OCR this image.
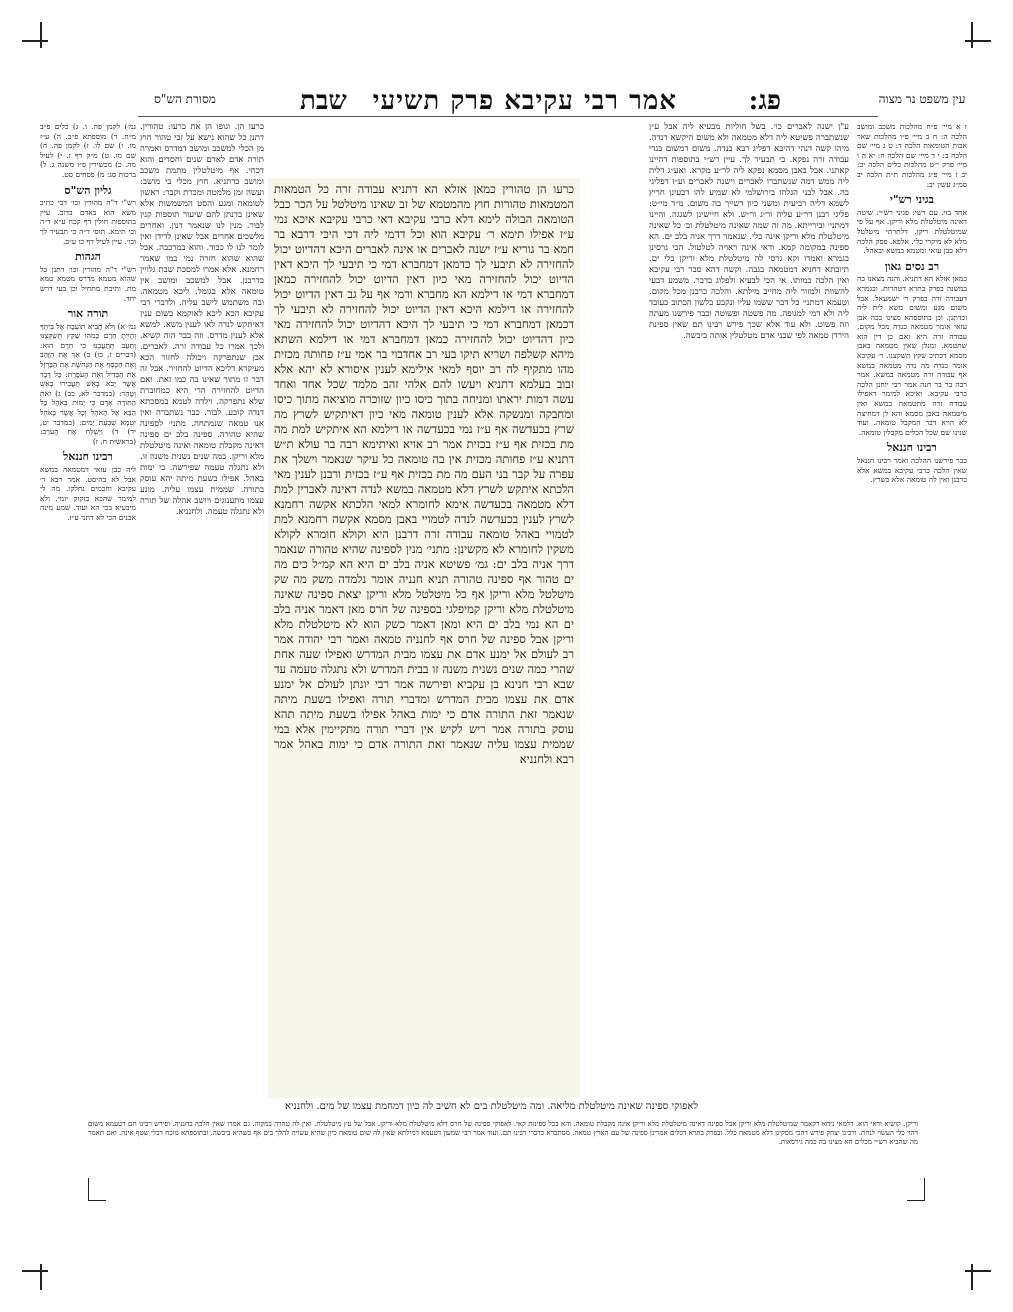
עין משפט נר מצוה
פג:
אמר רבי עקיבא פרק תשיעי
שבת
מסורת הש"ס
ז א מיי׳ פ״ח מהלכות משכב ומושב הלכה ה: ח ב מיי׳ פ״ו מהלכות שאר אבות הטומאות הלכה ד: ט ג מיי׳ שם הלכה ב: י ד מיי׳ שם הלכה ה: יא ה ו מיי׳ פרק י״ט מהלכות כלים הלכה יב: יב ז מיי׳ פ״ג מהלכות ת״ת הלכה יב סמ״ג עשין יב:
בגיני רש"י
אחד בוי. עם רשי: פגיני רש״י: שיטה דאינה מיטלטלת מלא וריקן. אף על פי שמיטלטלת ריקן, דלתרתי מיטלטל מלא לא מיקרי כלי. אלפא. פסק הלכה דלא כבן עזאי ומטמא במשא ובאהל.
רב נסים גאון
כמאן אזלא הא דתניא. והנה מצאנו בה במשנה בפרק בתרא דטהרות. ובגמרא דעבודה זרה בפרק ר׳ ישמעאל. אבל משום מגע ומשום משא לית ליה וכדתנן. וכן בתוספתא מצינו ככה אבן עזאי אומר מטמאה כנדה מכל מקום, עבודה זרה היא ואם כן דין הוא שתטמא. ומנלן שאין מטמאה באבן מסמא דכתיב שקץ תשקצנו. ר׳ עקיבא אומר כנדה מה נדה מטמאה במשא אף עבודה זרה מטמאה במשא. אמר רבה בר בר חנה אמר רבי יוחנן הלכה כרבי עקיבא. ואיכא למימר דאפילו עבודה זרה מתטמאה במשא ואין מיטמאה באבן מסמא והא לן דמחיצה לא הויא דבר המקבל טומאה. ועוד שנינו שם שכל הכלים מקבלין טומאה.
רבינו חננאל
כבר פירשנו ההלכה ואמר רבינו חננאל שאין הלכה כרבי עקיבא במשא אלא כרבנן ואין לה טומאה אלא כשרץ.
ע"ן ישנה לאברים כו׳. בשל חוליות מבעיא ליה אבל ע״ן שנשתברה פשיטא ליה דלא מטמאה ולא משום היקשא דנדה. מיהו קשה דנהי דהיכא דפליג רבא בנדה. משום דמשום בגדי עבודה זרה נפקא. כי תבעיר לך. עיין רש״י בתוספות דהיינו קאתני. אבל באבן מסמא נפקא ליה לר״ע מקרא. ואע״ג דלית ליה ממש דמה שנשתברו לאברים וישנה לאברים וע״ז דפליגי בה. אבל לבני הגלהו בירושלמי לא שמיע להו דבעינן חריץ לשמא דליה רביעית ומשני כיון דשייך בה משום. מ״ד מי״ט: פליגי רבנן דר״ע עליה ור״ג ור״ש. ולא חיישינן לשגגה. והיינו דמתני׳ ובירייתא. מה זה שמה שאינה מיטלטלת וכ׳ כל שאינה מיטלטלת מלא וריקן אינה כלי. שנאמר דרך אניה בלב ים. הא ספינה במקומה קמא. ודאי אינה ראויה לטלטול. הכי גרסינן בגמרא ואמרו וקא גרסי לה מיטלטלת מלא וריקן כלי ים. תיובתא דחניא דמטמאה בגבה. וקשה דהא סבר רבי עקיבא ואין הלכה כמותו. אי הכי לבעיא ולפלוג בדבר. משמע דבעי להשוות ולמזור ליה מחייב מילתא. והלכה כרבנן מכל מקום. וטעמא דמתני׳ כל דבר ששמו עליו ונקבע בלשון הכתוב כעובד ליה ולא דמי למגופה. מה פשטה ופשוטה וכבר פירשנו מעתה וזה פשוט. ולא עוד אלא שכך פירש רבינו תם שאין ספינת הירדן טמאה לפי שבני אדם מטלטלין אותה ביבשה.
כרעו הן טהורין כמאן אזלא הא דתניא עבודה זרה כל הטמאות המטמאות טהורות חוץ מהמטמא של זב שאינו מיטלטל על הכר כבל הטומאה הבולה לימא דלא כרבי עקיבא דאי כרבי עקיבא איכא נמי ע״ז אפילו תימא ר׳ עקיבא הוא וכל דדמי ליה דכי היכי דרבא בר חמא בר גוריא ע״ז ישנה לאברים או אינה לאברים היכא דהדיוט יכול להחזירה לא תיבעי לך כדמאן דמחברא דמי כי תיבעי לך היכא דאין הדיוט יכול להחזירה מאי כיון דאין הדיוט יכול להחזירה כמאן דמחברא דמי או דילמא הא מחברא ורמי אף על גב דאין הדיוט יכול להחזירה או דילמא היכא דאין הדיוט יכול להחזירה לא תיבעי לך דכמאן דמחברא דמי כי תיבעי לך היכא דהדיוט יכול להחזירה מאי כיון דהדיוט יכול להחזירה כמאן דמחברא דמי או דילמא השתא מיהא קשלפה ושריא תיקו בעי רב אחדבוי בר אמי ע״ז פחותה מכזית מהו מתקיף לה רב יוסף למאי אילימא לענין איסורא לא יהא אלא זבוב בעלמא דתניא ויעשו להם אלהי זהב מלמד שכל אחד ואחד עשה דמות יראתו ומניחה בתוך כיסו כיון שזוכרה מוציאה מתוך כיסו ומחבקה ומנשקה אלא לענין טומאה מאי כיון דאיתקיש לשרץ מה שרץ בכעדשה אף ע״ז נמי בכעדשה או דילמא הא איתקיש למת מה מת בכזית אף ע״ז בכזית אמר רב אויא ואיתימא רבה בר עולא ת״ש דתניא ע״ז פחותה מכזית אין בה טומאה כל עיקר שנאמר וישלך את עפרה על קבר בני העם מה מת בכזית אף ע״ז בכזית ורבנן לענין מאי הלכתא איתקש לשרץ דלא מטמאה במשא לנדה דאינה לאברין למת דלא מטמאה בכעדשה אימא לחומרא למאי הלכתא אקשה רחמנא לשרץ לענין בכעדשה לנדה לטמויי באבן מסמא אקשה רחמנא למת לטמויי באהל טומאה עבודה זרה דרבנן היא וקולא חומרא לקולא משקין לחומרא לא מקשינן: מתני׳ מנין לספינה שהיא טהורה שנאמר דרך אניה בלב ים: גמ׳ פשיטא אניה בלב ים היא הא קמ״ל כים מה ים טהור אף ספינה טהורה תניא חנניה אומר נלמדה משק מה שק מיטלטל מלא וריקן אף כל מיטלטל מלא וריקן יצאת ספינה שאינה מיטלטלת מלא וריקן קמיפלגי בספינה של חרס מאן דאמר אניה בלב ים הא נמי בלב ים היא ומאן דאמר כשק הוא לא מיטלטלת מלא וריקן אבל ספינה של חרס אף לחנניה טמאה ואמר רבי יהודה אמר רב לעולם אל ימנע אדם את עצמו מבית המדרש ואפילו שעה אחת שהרי כמה שנים נשנית משנה זו בבית המדרש ולא נתגלה טעמה עד שבא רבי חנינא בן עקביא ופירשה אמר רבי יונתן לעולם אל ימנע אדם את עצמו מבית המדרש ומדברי תורה ואפילו בשעת מיתה שנאמר זאת התורה אדם כי ימות באהל אפילו בשעת מיתה תהא עוסק בתורה אמר ריש לקיש אין דברי תורה מתקיימין אלא במי שממית עצמו עליה שנאמר זאת התורה אדם כי ימות באהל אמר רבא ולחנניא
כרעו הן. וגופו הן את כרעו: טהורין. דתנן כל שהוא נישא על זבי טהור חוץ מן הכלי למשכב ומושב דמדרס ואמרה תורה אדם לאדם שנים וחסדים והוא דכחי. אף מיטלטלין מתמת משכב ומושב כדתניא. חוץ מכלי בי מושב: ועשה זמן מלמטה ומכרת וקבר: ראשון לטומאה ומגע והסט המשמשות אלא שאינן בדנתן להם שיעור תוספות קנין לבור. מנין לנו שנאמר דנון. ואחרים מלשכים אחרים אבל שאינן לדידן ואין לומר לנו לו כבוד. והוא במרכבה. אבל שהוא שהוא חזרה נמי כמו שאמר רחמנא. אלא אמרו למסכת שבת גלויין בדרבנן. אבל למשכב ומושב אין טומאה אלא בגומל. ליכא מטמאה. ובה משתמש לישב עליה. ולדברי רבי עקיבא הכא ליכא לאוקמא בשום ענין דאיתקש לנדה לאו לענין משא. למשא אלא לענין מדרס. וזה כבר הוה קשיא. ולכך אמרו כל עבודה זרה. לאברים. אבן שנתפרקה ויכולה לחזור הכא מעיקרא דליכא הדיוט להחזיר. אבל זה דבר זו מתוך שאינו בה כמו זאת. ואם הדיוט להחזירה הרי היא כמחוברת שלא נתפרקה. וילדה לטמא במסכתא דנדה קובע. לבור. כבר נשתברה ואין אנו טמאה שנמתחה. מתני׳ לספינה שהיא טהורה. ספינה בלב ים ספינה דאינה מקבלת טומאה ואינה מיטלטלת מלא וריקן. כמה שנים נשנית משנה זו. ולא נתגלה טעמה שפירשה. כי ימות באהל. אפילו בשעת מיתה יהא עוסק בתורה. שממית עצמו עליה. מונע עצמו מתענוגים ויושב אהלה של תורה ולא נתגלה טעמה. ולחנניא.
גמ׳) לקמן פה. ו. ג) כלים פ״ב מ״ח. ד) מוספתא פ״ב. ה) ע״ז מו. ו) שם לו. ז) לקמן פה. ח) שם מו. ט) מ״ק דף ז. י) לעיל מה. כ) מכשירין פ״ו משנה ג. ל) ברכות סג: מ) פסחים סט.
גליון הש"ס
רש"י ד"ה מהורין וכו׳ דכי כתיב משא הוא באדם בדוכ. עיין בתוספות חולין דף קכח ע״א ד״ה וכי תימא. תוס׳ ד״ה כי תבעיר לך וכו׳. עיין לעיל דף כו ע״ב.
הגהות
רש"י ד"ה מהורין וכו׳ דתנן כל שהוא מטמא מדרס מטמא טמא מת. ותיבת מתחיל וכן בעי דרש יחד.
תורה אור
גמ׳ א) וְלֹא תָבִיא תוֹעֵבָה אֶל בֵּיתֶךָ וְהָיִיתָ חֵרֶם כָּמֹהוּ שַׁקֵּץ תְּשַׁקְּצֶנּוּ וְתַעֵב תְּתַעֲבֶנּוּ כִּי חֵרֶם הוּא: (דברים ז, כו) ב) אַךְ אֶת הַזָּהָב וְאֶת הַכָּסֶף אֶת הַנְּחֹשֶׁת אֶת הַבַּרְזֶל אֶת הַבְּדִיל וְאֶת הָעֹפָרֶת: כָּל דָּבָר אֲשֶׁר יָבֹא בָאֵשׁ תַּעֲבִירוּ בָאֵשׁ וְטָהֵר: (במדבר לא, כב) ג) זֹאת הַתּוֹרָה אָדָם כִּי יָמוּת בְּאֹהֶל כָּל הַבָּא אֶל הָאֹהֶל וְכָל אֲשֶׁר בָּאֹהֶל יִטְמָא שִׁבְעַת יָמִים: (במדבר יט, יד) ד) וַיִּשְׁלַח אֶת הָעֹרֵב: (בראשית ח, ז)
רבינו חננאל
ליה כבן עזאי דמטמאה במשא אבל לא בהיסט. אמר רבא ר׳ עקיבא וחכמים נחלקו. מה לי למימר שהכא בזקוק יומי. ולא מיבעיא בכי הא ועוד. שמע מינה אבנים הכי לא דתני ע״ז.
לאפוקי ספינה שאינה מיטלטלת מליאה. ומה מיטלטלת בים לא חשיב לה כיון דמחמת עצמו של מים. ולחנניא
וריקן. קושיא ודאי הוא. דלמאי ניחא דקאמר שמיטלטלת מלא וריקן אבל ספינה דאינה מיטלטלת מלא וריקן אינה מקבלת טומאה. והא בכל ספינות קאי. לאפוקי ספינה של חרס דלא מיטלטלת מלא וריקן. אבל של עץ מיטלטלת. ואין לה טהרה במקוה. גם אמרו שאין הלכה כחנניה. ופירש רבינו תם דטעמא משום דהוי כלי העשוי לנחת. ורבינו יצחק פירש דהכי מסקינן דלא מטמאה כלל. ובפרק בתרא דכלים אמרינן ספינה של עם הארץ טמאה. מסתברא כדברי רבינו תם. ועוד אמר רבי שמעון דטעמא דמילתא שאין לה שום טומאה כיון שהיא עשויה להלך בים אף כשהיא ביבשה. ובתוספתא מוכח דכלי שטף אינה. ואם תאמר מה שהביא רש״י מכלים הא מצינו בה כמה גירסאות.
